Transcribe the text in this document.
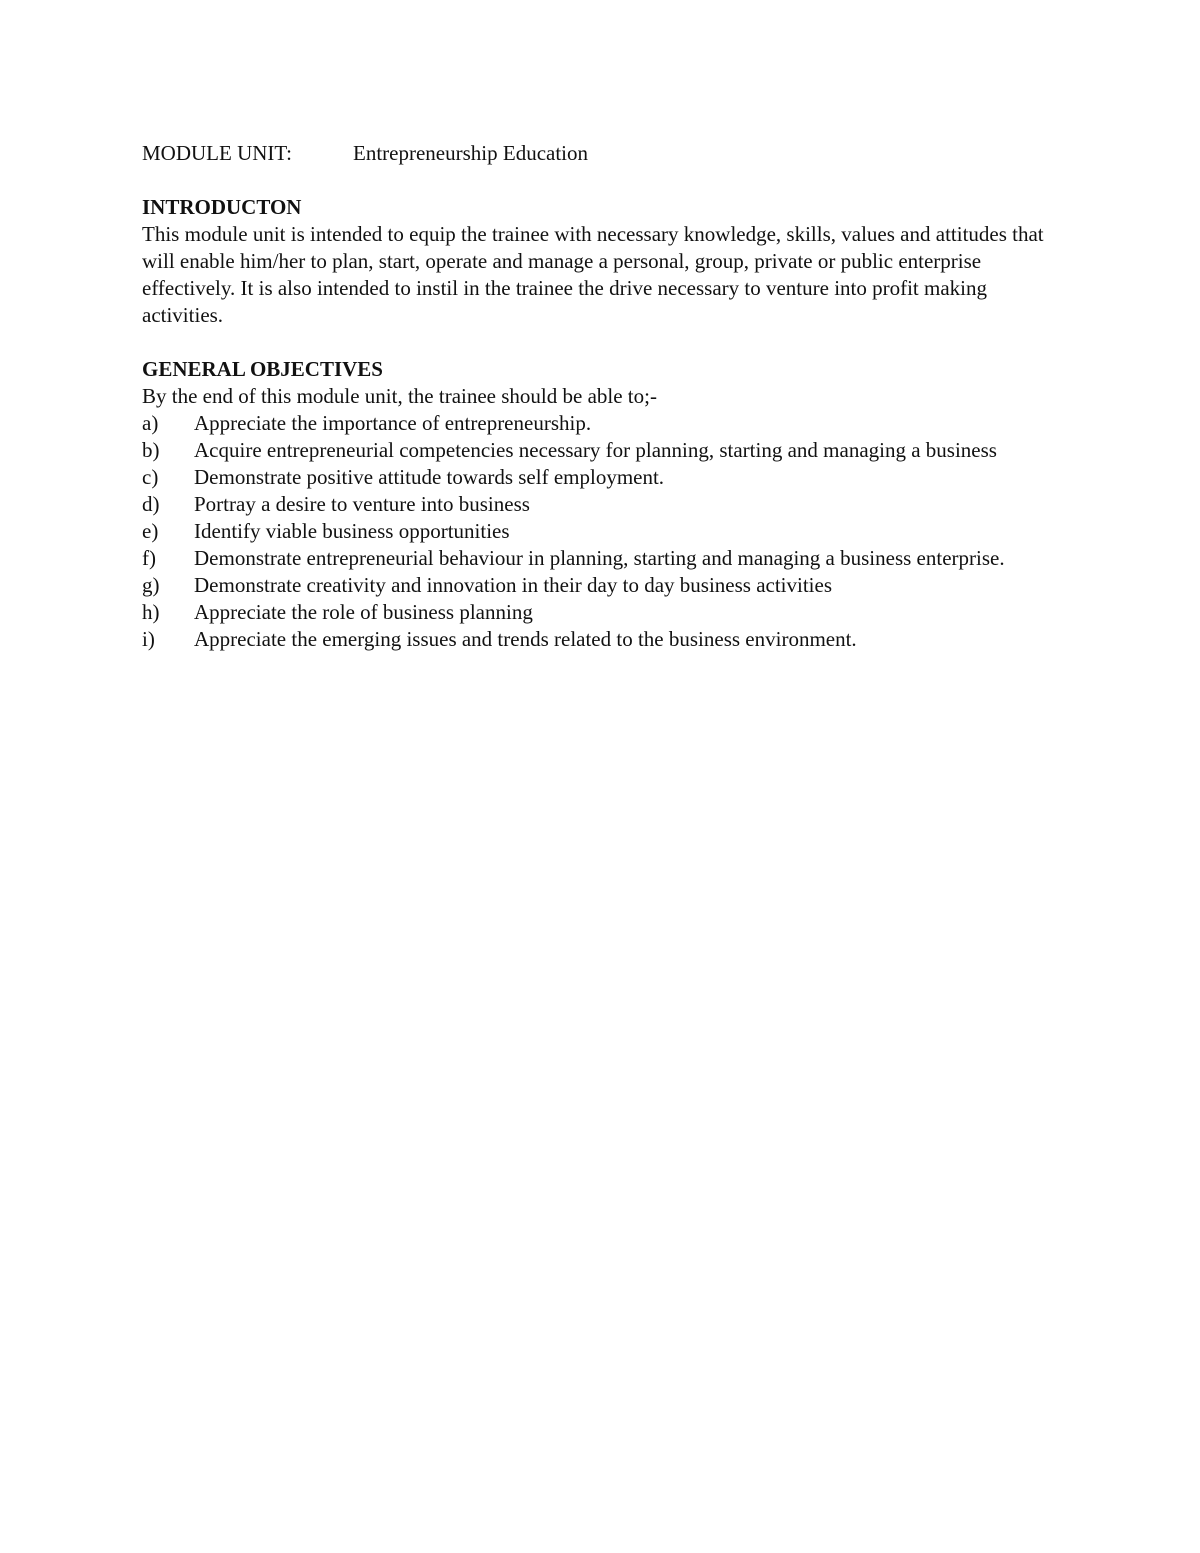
MODULE UNIT:	Entrepreneurship Education

INTRODUCTON

This module unit is intended to equip the trainee with necessary knowledge, skills, values and attitudes that will enable him/her to plan, start, operate and manage a personal, group, private or public enterprise effectively. It is also intended to instil in the trainee the drive necessary to venture into profit making activities.

GENERAL OBJECTIVES

By the end of this module unit, the trainee should be able to;-

a)	Appreciate the importance of entrepreneurship.
b)	Acquire entrepreneurial competencies necessary for planning, starting and managing a business
c)	Demonstrate positive attitude towards self employment.
d)	Portray a desire to venture into business
e)	Identify viable business opportunities
f)	Demonstrate entrepreneurial behaviour in planning, starting and managing a business enterprise.
g)	Demonstrate creativity and innovation in their day to day business activities
h)	Appreciate the role of business planning
i)	Appreciate the emerging issues and trends related to the business environment.
